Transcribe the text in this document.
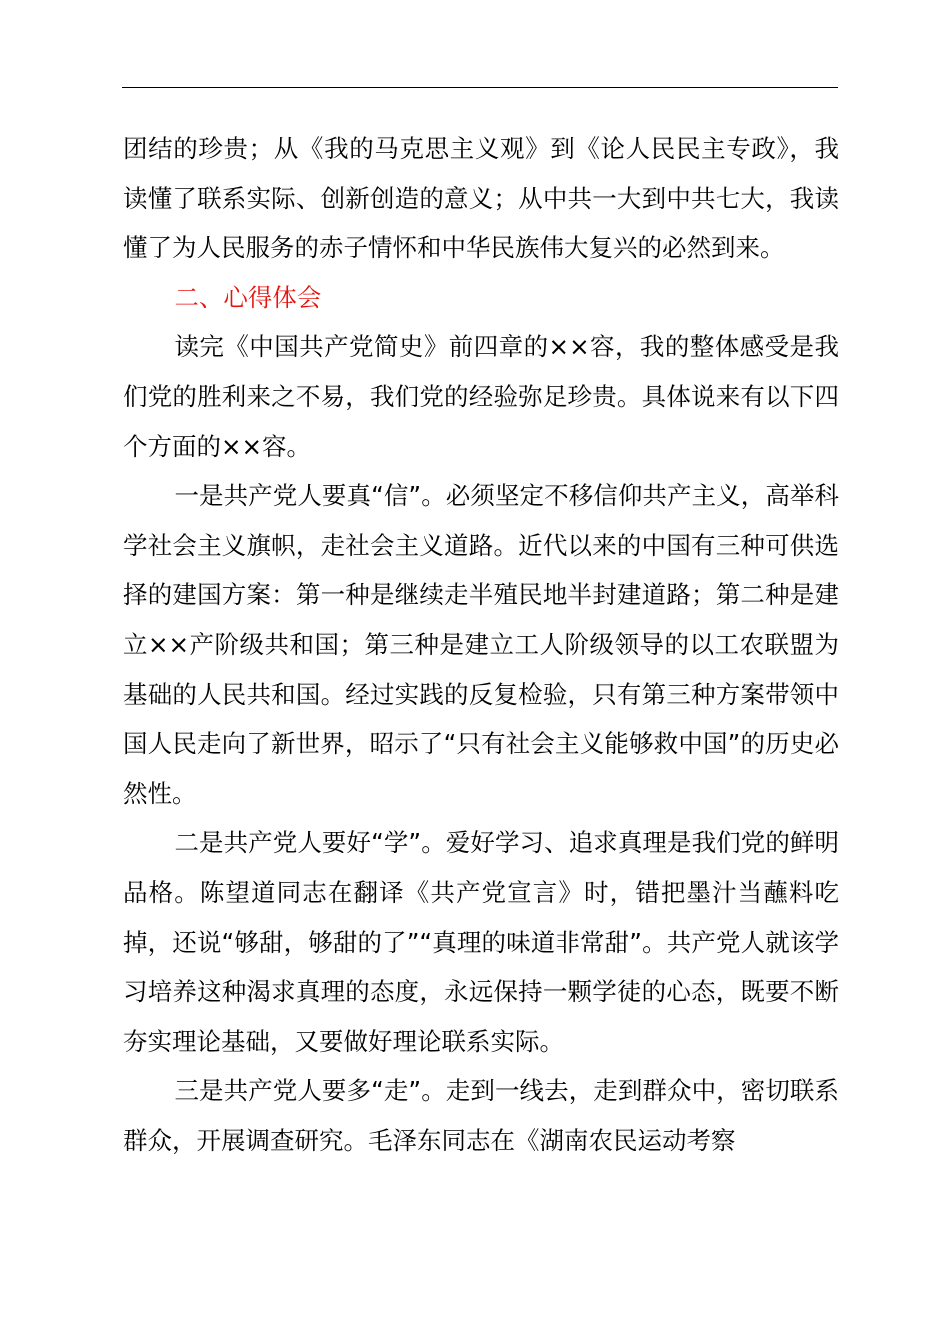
团结的珍贵；从《我的马克思主义观》到《论人民民主专政》，我读懂了联系实际、创新创造的意义；从中共一大到中共七大，我读懂了为人民服务的赤子情怀和中华民族伟大复兴的必然到来。

二、心得体会

读完《中国共产党简史》前四章的××容，我的整体感受是我们党的胜利来之不易，我们党的经验弥足珍贵。具体说来有以下四个方面的××容。

一是共产党人要真“信”。必须坚定不移信仰共产主义，高举科学社会主义旗帜，走社会主义道路。近代以来的中国有三种可供选择的建国方案：第一种是继续走半殖民地半封建道路；第二种是建立××产阶级共和国；第三种是建立工人阶级领导的以工农联盟为基础的人民共和国。经过实践的反复检验，只有第三种方案带领中国人民走向了新世界，昭示了“只有社会主义能够救中国”的历史必然性。

二是共产党人要好“学”。爱好学习、追求真理是我们党的鲜明品格。陈望道同志在翻译《共产党宣言》时，错把墨汁当蘸料吃掉，还说“够甜，够甜的了”“真理的味道非常甜”。共产党人就该学习培养这种渴求真理的态度，永远保持一颗学徒的心态，既要不断夯实理论基础，又要做好理论联系实际。

三是共产党人要多“走”。走到一线去，走到群众中，密切联系群众，开展调查研究。毛泽东同志在《湖南农民运动考察
